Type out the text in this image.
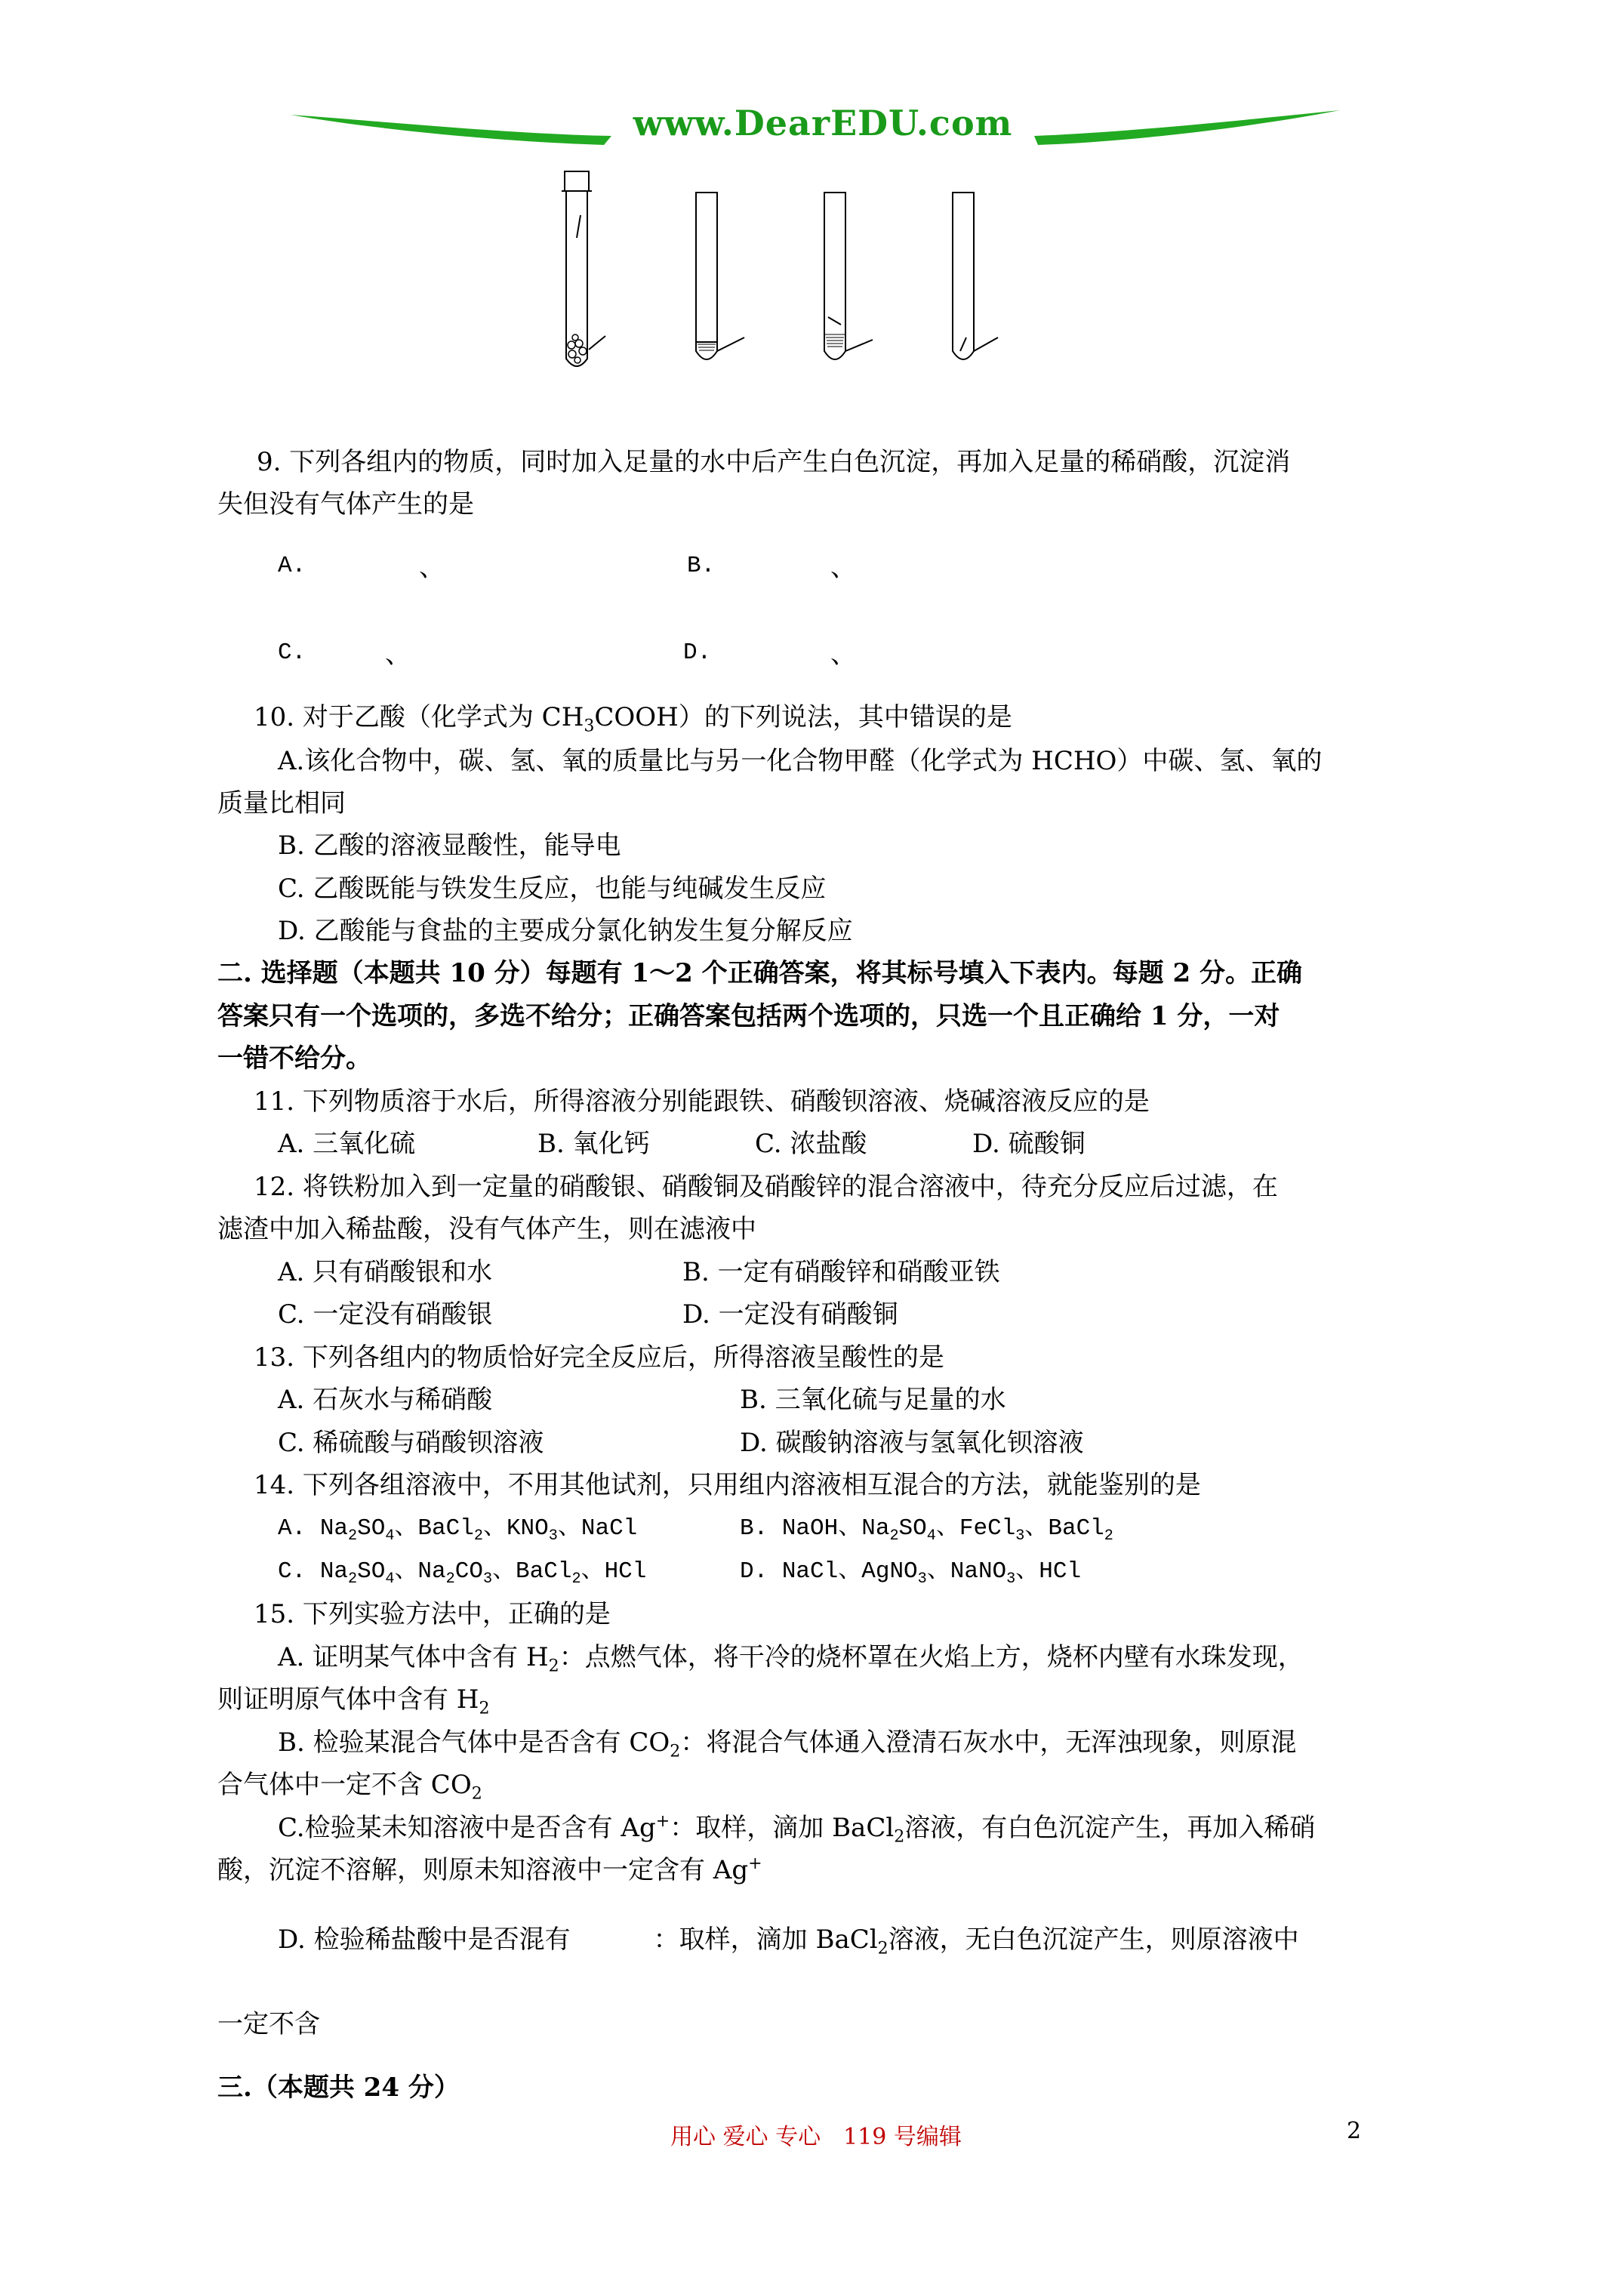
www.DearEDU.com
9. 下列各组内的物质，同时加入足量的水中后产生白色沉淀，再加入足量的稀硝酸，沉淀消
失但没有气体产生的是
A.	、	B.	、
C.	、	D.	、
10. 对于乙酸（化学式为 $CH_3COOH$）的下列说法，其中错误的是
A.该化合物中，碳、氢、氧的质量比与另一化合物甲醛（化学式为 HCHO）中碳、氢、氧的
质量比相同
B. 乙酸的溶液显酸性，能导电
C. 乙酸既能与铁发生反应，也能与纯碱发生反应
D. 乙酸能与食盐的主要成分氯化钠发生复分解反应
二. 选择题（本题共 10 分）每题有 1～2 个正确答案，将其标号填入下表内。每题 2 分。正确
答案只有一个选项的，多选不给分；正确答案包括两个选项的，只选一个且正确给 1 分，一对
一错不给分。
11. 下列物质溶于水后，所得溶液分别能跟铁、硝酸钡溶液、烧碱溶液反应的是
A. 三氧化硫	B. 氧化钙	C. 浓盐酸	D. 硫酸铜
12. 将铁粉加入到一定量的硝酸银、硝酸铜及硝酸锌的混合溶液中，待充分反应后过滤，在
滤渣中加入稀盐酸，没有气体产生，则在滤液中
A. 只有硝酸银和水	B. 一定有硝酸锌和硝酸亚铁
C. 一定没有硝酸银	D. 一定没有硝酸铜
13. 下列各组内的物质恰好完全反应后，所得溶液呈酸性的是
A. 石灰水与稀硝酸	B. 三氧化硫与足量的水
C. 稀硫酸与硝酸钡溶液	D. 碳酸钠溶液与氢氧化钡溶液
14. 下列各组溶液中，不用其他试剂，只用组内溶液相互混合的方法，就能鉴别的是
A. $Na_2SO_4$、BaCl$_2$、$KNO_3$、NaCl	B. NaOH、$Na_2SO_4$、FeCl$_3$、BaCl$_2$
C. $Na_2SO_4$、$Na_2CO_3$、BaCl$_2$、HCl	D. NaCl、AgNO$_3$、NaNO$_3$、HCl
15. 下列实验方法中，正确的是
A. 证明某气体中含有 $H_2$：点燃气体，将干冷的烧杯罩在火焰上方，烧杯内壁有水珠发现，
则证明原气体中含有 $H_2$
B. 检验某混合气体中是否含有 $CO_2$：将混合气体通入澄清石灰水中，无浑浊现象，则原混
合气体中一定不含 $CO_2$
C.检验某未知溶液中是否含有 Ag+：取样，滴加 BaCl$_2$溶液，有白色沉淀产生，再加入稀硝
酸，沉淀不溶解，则原未知溶液中一定含有 Ag+
D. 检验稀盐酸中是否混有	：取样，滴加 BaCl$_2$溶液，无白色沉淀产生，则原溶液中
一定不含
三.（本题共 24 分）
用心 爱心 专心　119 号编辑	2
